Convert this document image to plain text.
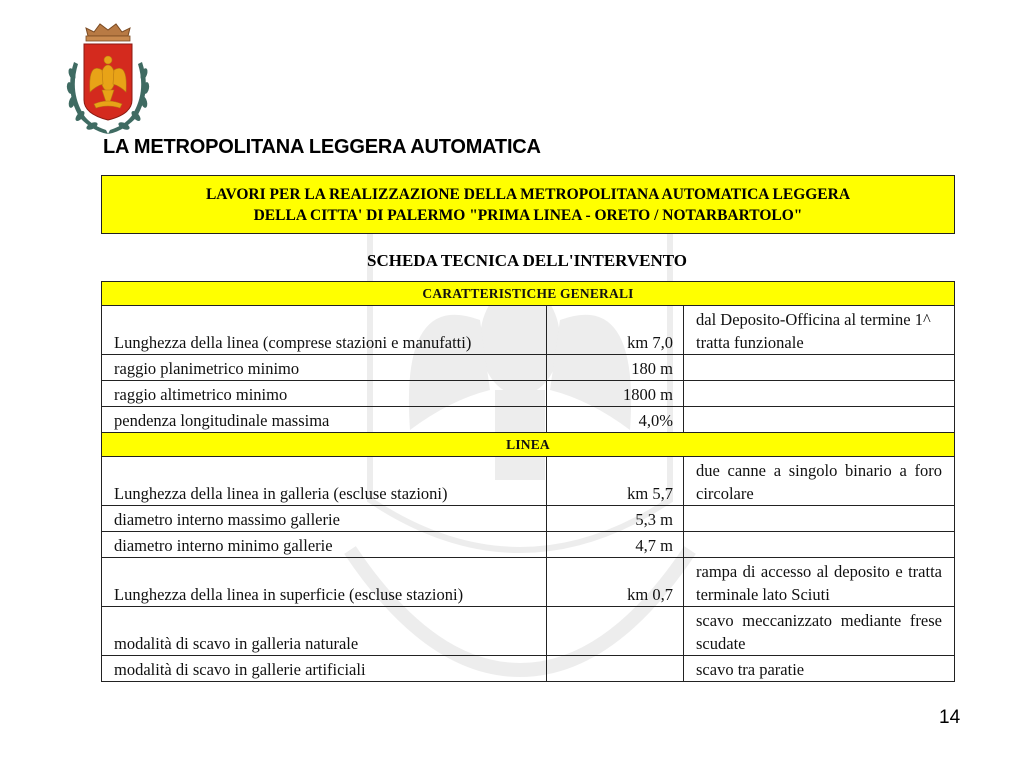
LA METROPOLITANA LEGGERA AUTOMATICA
LAVORI PER LA REALIZZAZIONE DELLA METROPOLITANA AUTOMATICA LEGGERA
DELLA CITTA' DI PALERMO "PRIMA LINEA - ORETO / NOTARBARTOLO"
SCHEDA TECNICA DELL'INTERVENTO
CARATTERISTICHE GENERALI		
Lunghezza della linea (comprese stazioni e manufatti)	km 7,0	dal Deposito-Officina al termine 1^ tratta funzionale
raggio planimetrico minimo	180 m	
raggio altimetrico minimo	1800 m	
pendenza longitudinale massima	4,0%	
LINEA		
Lunghezza della linea in galleria (escluse stazioni)	km 5,7	due canne a singolo binario a foro circolare
diametro interno massimo gallerie	5,3 m	
diametro interno minimo gallerie	4,7 m	
Lunghezza della linea in superficie (escluse stazioni)	km 0,7	rampa di accesso al deposito e tratta terminale lato Sciuti
modalità di scavo in galleria naturale		scavo meccanizzato mediante frese scudate
modalità di scavo in gallerie artificiali		scavo tra paratie
14
